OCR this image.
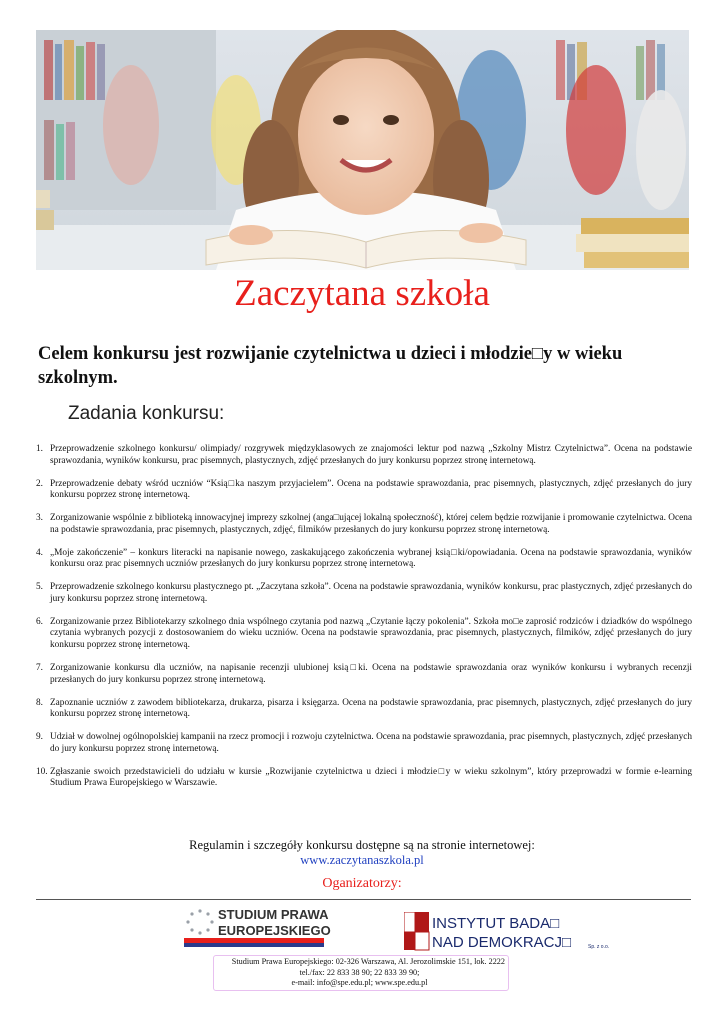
Zaczytana szkoła
Celem konkursu jest rozwijanie czytelnictwa u dzieci i młodzie□y w wieku szkolnym.
Zadania konkursu:
1. Przeprowadzenie szkolnego konkursu/ olimpiady/ rozgrywek międzyklasowych ze znajomości lektur pod nazwą „Szkolny Mistrz Czytelnictwa”. Ocena na podstawie sprawozdania, wyników konkursu, prac pisemnych, plastycznych, zdjęć przesłanych do jury konkursu poprzez stronę internetową.
2. Przeprowadzenie debaty wśród uczniów “Ksią□ka naszym przyjacielem”. Ocena na podstawie sprawozdania, prac pisemnych, plastycznych, zdjęć przesłanych do jury konkursu poprzez stronę internetową.
3. Zorganizowanie wspólnie z biblioteką innowacyjnej imprezy szkolnej (anga□ującej lokalną społeczność), której celem będzie rozwijanie i promowanie czytelnictwa. Ocena na podstawie sprawozdania, prac pisemnych, plastycznych, zdjęć, filmików przesłanych do jury konkursu poprzez stronę internetową.
4. „Moje zakończenie” – konkurs literacki na napisanie nowego, zaskakującego zakończenia wybranej ksią□ki/opowiadania. Ocena na podstawie sprawozdania, wyników konkursu oraz prac pisemnych uczniów przesłanych do jury konkursu poprzez stronę internetową.
5. Przeprowadzenie szkolnego konkursu plastycznego pt. „Zaczytana szkoła”. Ocena na podstawie sprawozdania, wyników konkursu, prac plastycznych, zdjęć przesłanych do jury konkursu poprzez stronę internetową.
6. Zorganizowanie przez Bibliotekarzy szkolnego dnia wspólnego czytania pod nazwą „Czytanie łączy pokolenia”. Szkoła mo□e zaprosić rodziców i dziadków do wspólnego czytania wybranych pozycji z dostosowaniem do wieku uczniów. Ocena na podstawie sprawozdania, prac pisemnych, plastycznych, filmików, zdjęć przesłanych do jury konkursu poprzez stronę internetową.
7. Zorganizowanie konkursu dla uczniów, na napisanie recenzji ulubionej ksią□ki. Ocena na podstawie sprawozdania oraz wyników konkursu i wybranych recenzji przesłanych do jury konkursu poprzez stronę internetową.
8. Zapoznanie uczniów z zawodem bibliotekarza, drukarza, pisarza i księgarza. Ocena na podstawie sprawozdania, prac pisemnych, plastycznych, zdjęć przesłanych do jury konkursu poprzez stronę internetową.
9. Udział w dowolnej ogólnopolskiej kampanii na rzecz promocji i rozwoju czytelnictwa. Ocena na podstawie sprawozdania, prac pisemnych, plastycznych, zdjęć przesłanych do jury konkursu poprzez stronę internetową.
10. Zgłaszanie swoich przedstawicieli do udziału w kursie „Rozwijanie czytelnictwa u dzieci i młodzie□y w wieku szkolnym”, który przeprowadzi w formie e-learning Studium Prawa Europejskiego w Warszawie.
Regulamin i szczegóły konkursu dostępne są na stronie internetowej:
www.zaczytanaszkola.pl
Oganizatorzy:
STUDIUM PRAWA
EUROPEJSKIEGO	INSTYTUT BADA□
NAD DEMOKRACJ□	Sp. z o.o.
Studium Prawa Europejskiego: 02-326 Warszawa, Al. Jerozolimskie 151, lok. 2222
tel./fax: 22 833 38 90; 22 833 39 90;
e-mail: info@spe.edu.pl; www.spe.edu.pl
